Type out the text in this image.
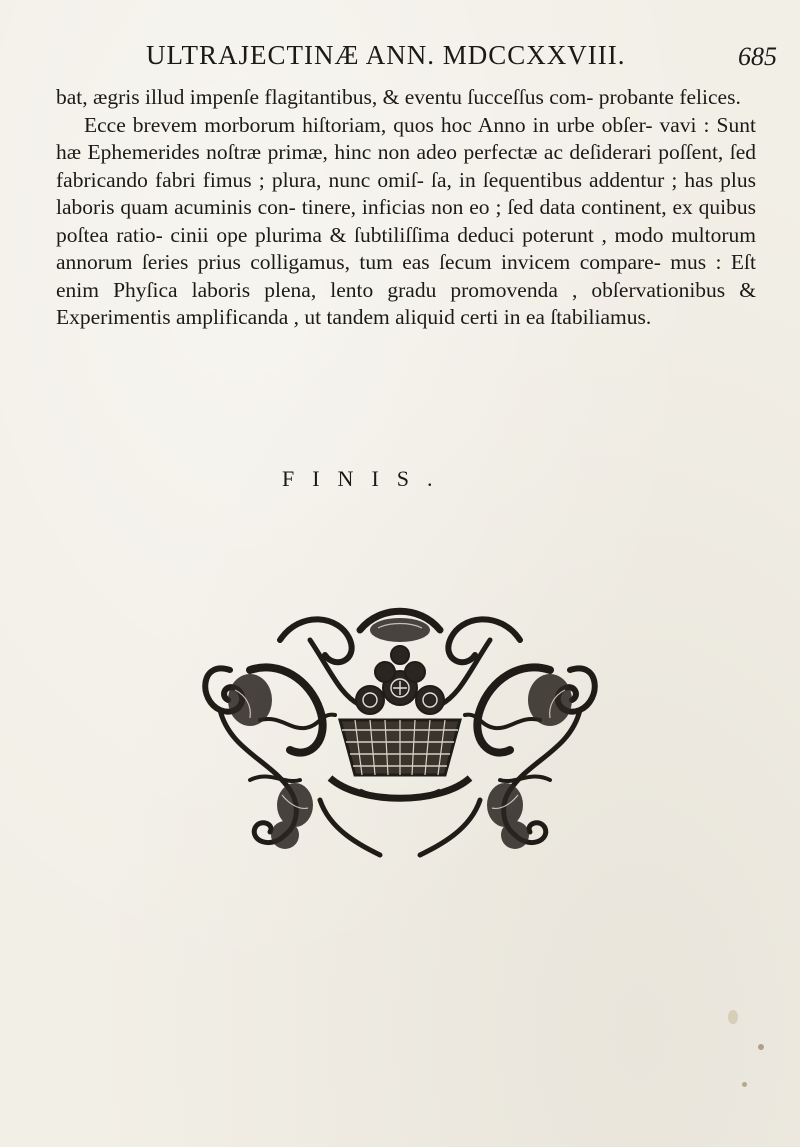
ULTRAJECTINÆ ANN. MDCCXXVIII.	685

bat, ægris illud impenſe flagitantibus, & eventu ſucceſſus com- probante felices.

Ecce brevem morborum hiſtoriam, quos hoc Anno in urbe obſer- vavi : Sunt hæ Ephemerides noſtræ primæ, hinc non adeo perfectæ ac deſiderari poſſent, ſed fabricando fabri fimus ; plura, nunc omiſ- ſa, in ſequentibus addentur ; has plus laboris quam acuminis con- tinere, inficias non eo ; ſed data continent, ex quibus poſtea ratio- cinii ope plurima & ſubtiliſſima deduci poterunt , modo multorum annorum ſeries prius colligamus, tum eas ſecum invicem compare- mus : Eſt enim Phyſica laboris plena, lento gradu promovenda , obſervationibus & Experimentis amplificanda , ut tandem aliquid certi in ea ſtabiliamus.

FINIS.
